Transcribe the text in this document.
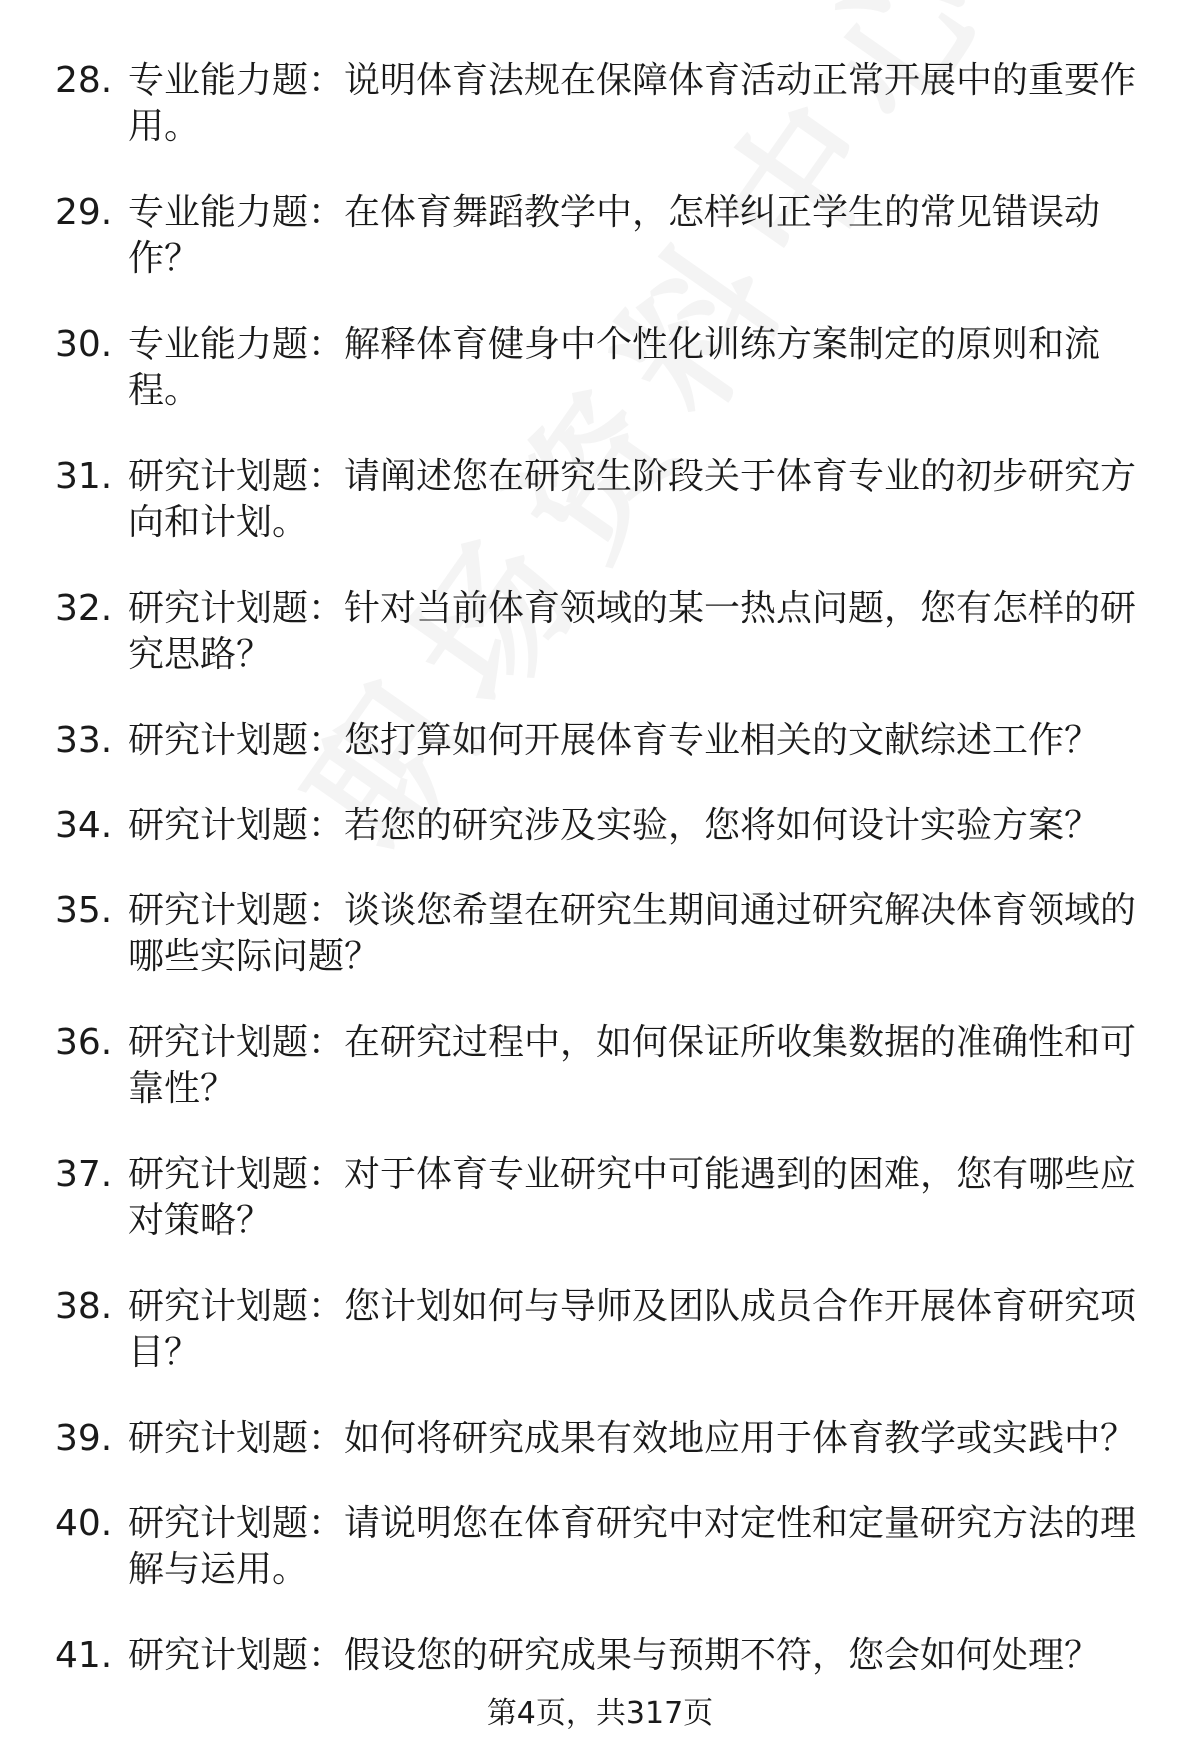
28. 专业能力题：说明体育法规在保障体育活动正常开展中的重要作用。
29. 专业能力题：在体育舞蹈教学中，怎样纠正学生的常见错误动作？
30. 专业能力题：解释体育健身中个性化训练方案制定的原则和流程。
31. 研究计划题：请阐述您在研究生阶段关于体育专业的初步研究方向和计划。
32. 研究计划题：针对当前体育领域的某一热点问题，您有怎样的研究思路？
33. 研究计划题：您打算如何开展体育专业相关的文献综述工作？
34. 研究计划题：若您的研究涉及实验，您将如何设计实验方案？
35. 研究计划题：谈谈您希望在研究生期间通过研究解决体育领域的哪些实际问题？
36. 研究计划题：在研究过程中，如何保证所收集数据的准确性和可靠性？
37. 研究计划题：对于体育专业研究中可能遇到的困难，您有哪些应对策略？
38. 研究计划题：您计划如何与导师及团队成员合作开展体育研究项目？
39. 研究计划题：如何将研究成果有效地应用于体育教学或实践中？
40. 研究计划题：请说明您在体育研究中对定性和定量研究方法的理解与运用。
41. 研究计划题：假设您的研究成果与预期不符，您会如何处理？
第4页，共317页
